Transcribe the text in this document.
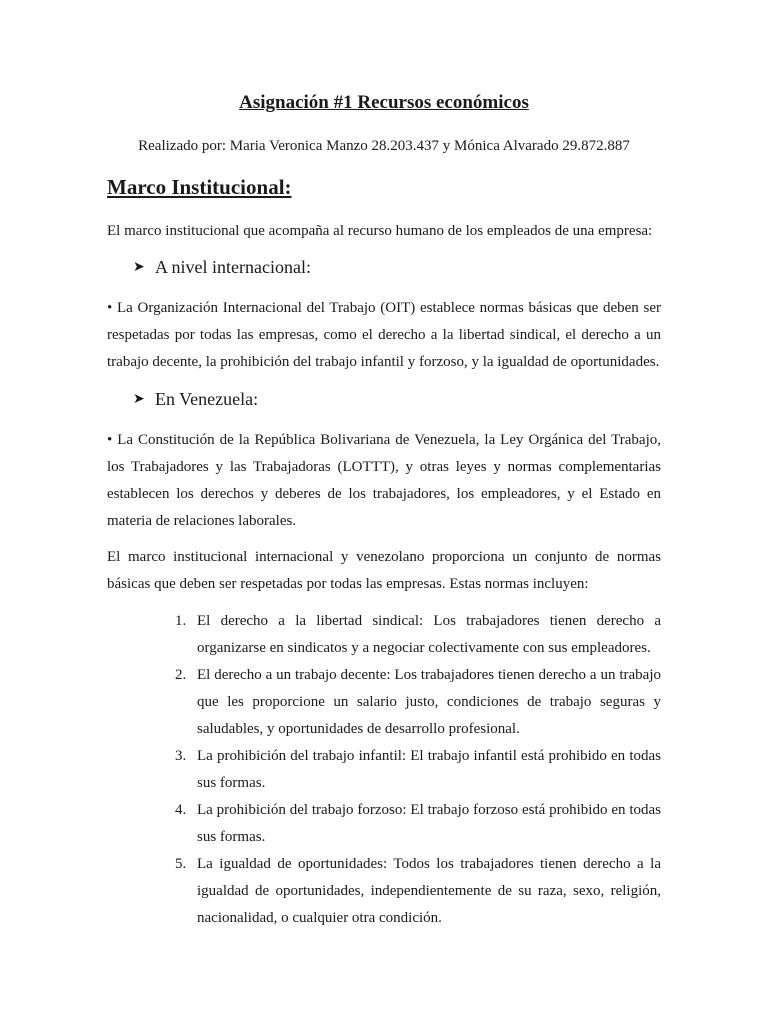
Asignación #1 Recursos económicos

Realizado por: Maria Veronica Manzo 28.203.437 y Mónica Alvarado 29.872.887

Marco Institucional:

El marco institucional que acompaña al recurso humano de los empleados de una empresa:

➤ A nivel internacional:

• La Organización Internacional del Trabajo (OIT) establece normas básicas que deben ser respetadas por todas las empresas, como el derecho a la libertad sindical, el derecho a un trabajo decente, la prohibición del trabajo infantil y forzoso, y la igualdad de oportunidades.

➤ En Venezuela:

• La Constitución de la República Bolivariana de Venezuela, la Ley Orgánica del Trabajo, los Trabajadores y las Trabajadoras (LOTTT), y otras leyes y normas complementarias establecen los derechos y deberes de los trabajadores, los empleadores, y el Estado en materia de relaciones laborales.

El marco institucional internacional y venezolano proporciona un conjunto de normas básicas que deben ser respetadas por todas las empresas. Estas normas incluyen:

1. El derecho a la libertad sindical: Los trabajadores tienen derecho a organizarse en sindicatos y a negociar colectivamente con sus empleadores.
2. El derecho a un trabajo decente: Los trabajadores tienen derecho a un trabajo que les proporcione un salario justo, condiciones de trabajo seguras y saludables, y oportunidades de desarrollo profesional.
3. La prohibición del trabajo infantil: El trabajo infantil está prohibido en todas sus formas.
4. La prohibición del trabajo forzoso: El trabajo forzoso está prohibido en todas sus formas.
5. La igualdad de oportunidades: Todos los trabajadores tienen derecho a la igualdad de oportunidades, independientemente de su raza, sexo, religión, nacionalidad, o cualquier otra condición.
